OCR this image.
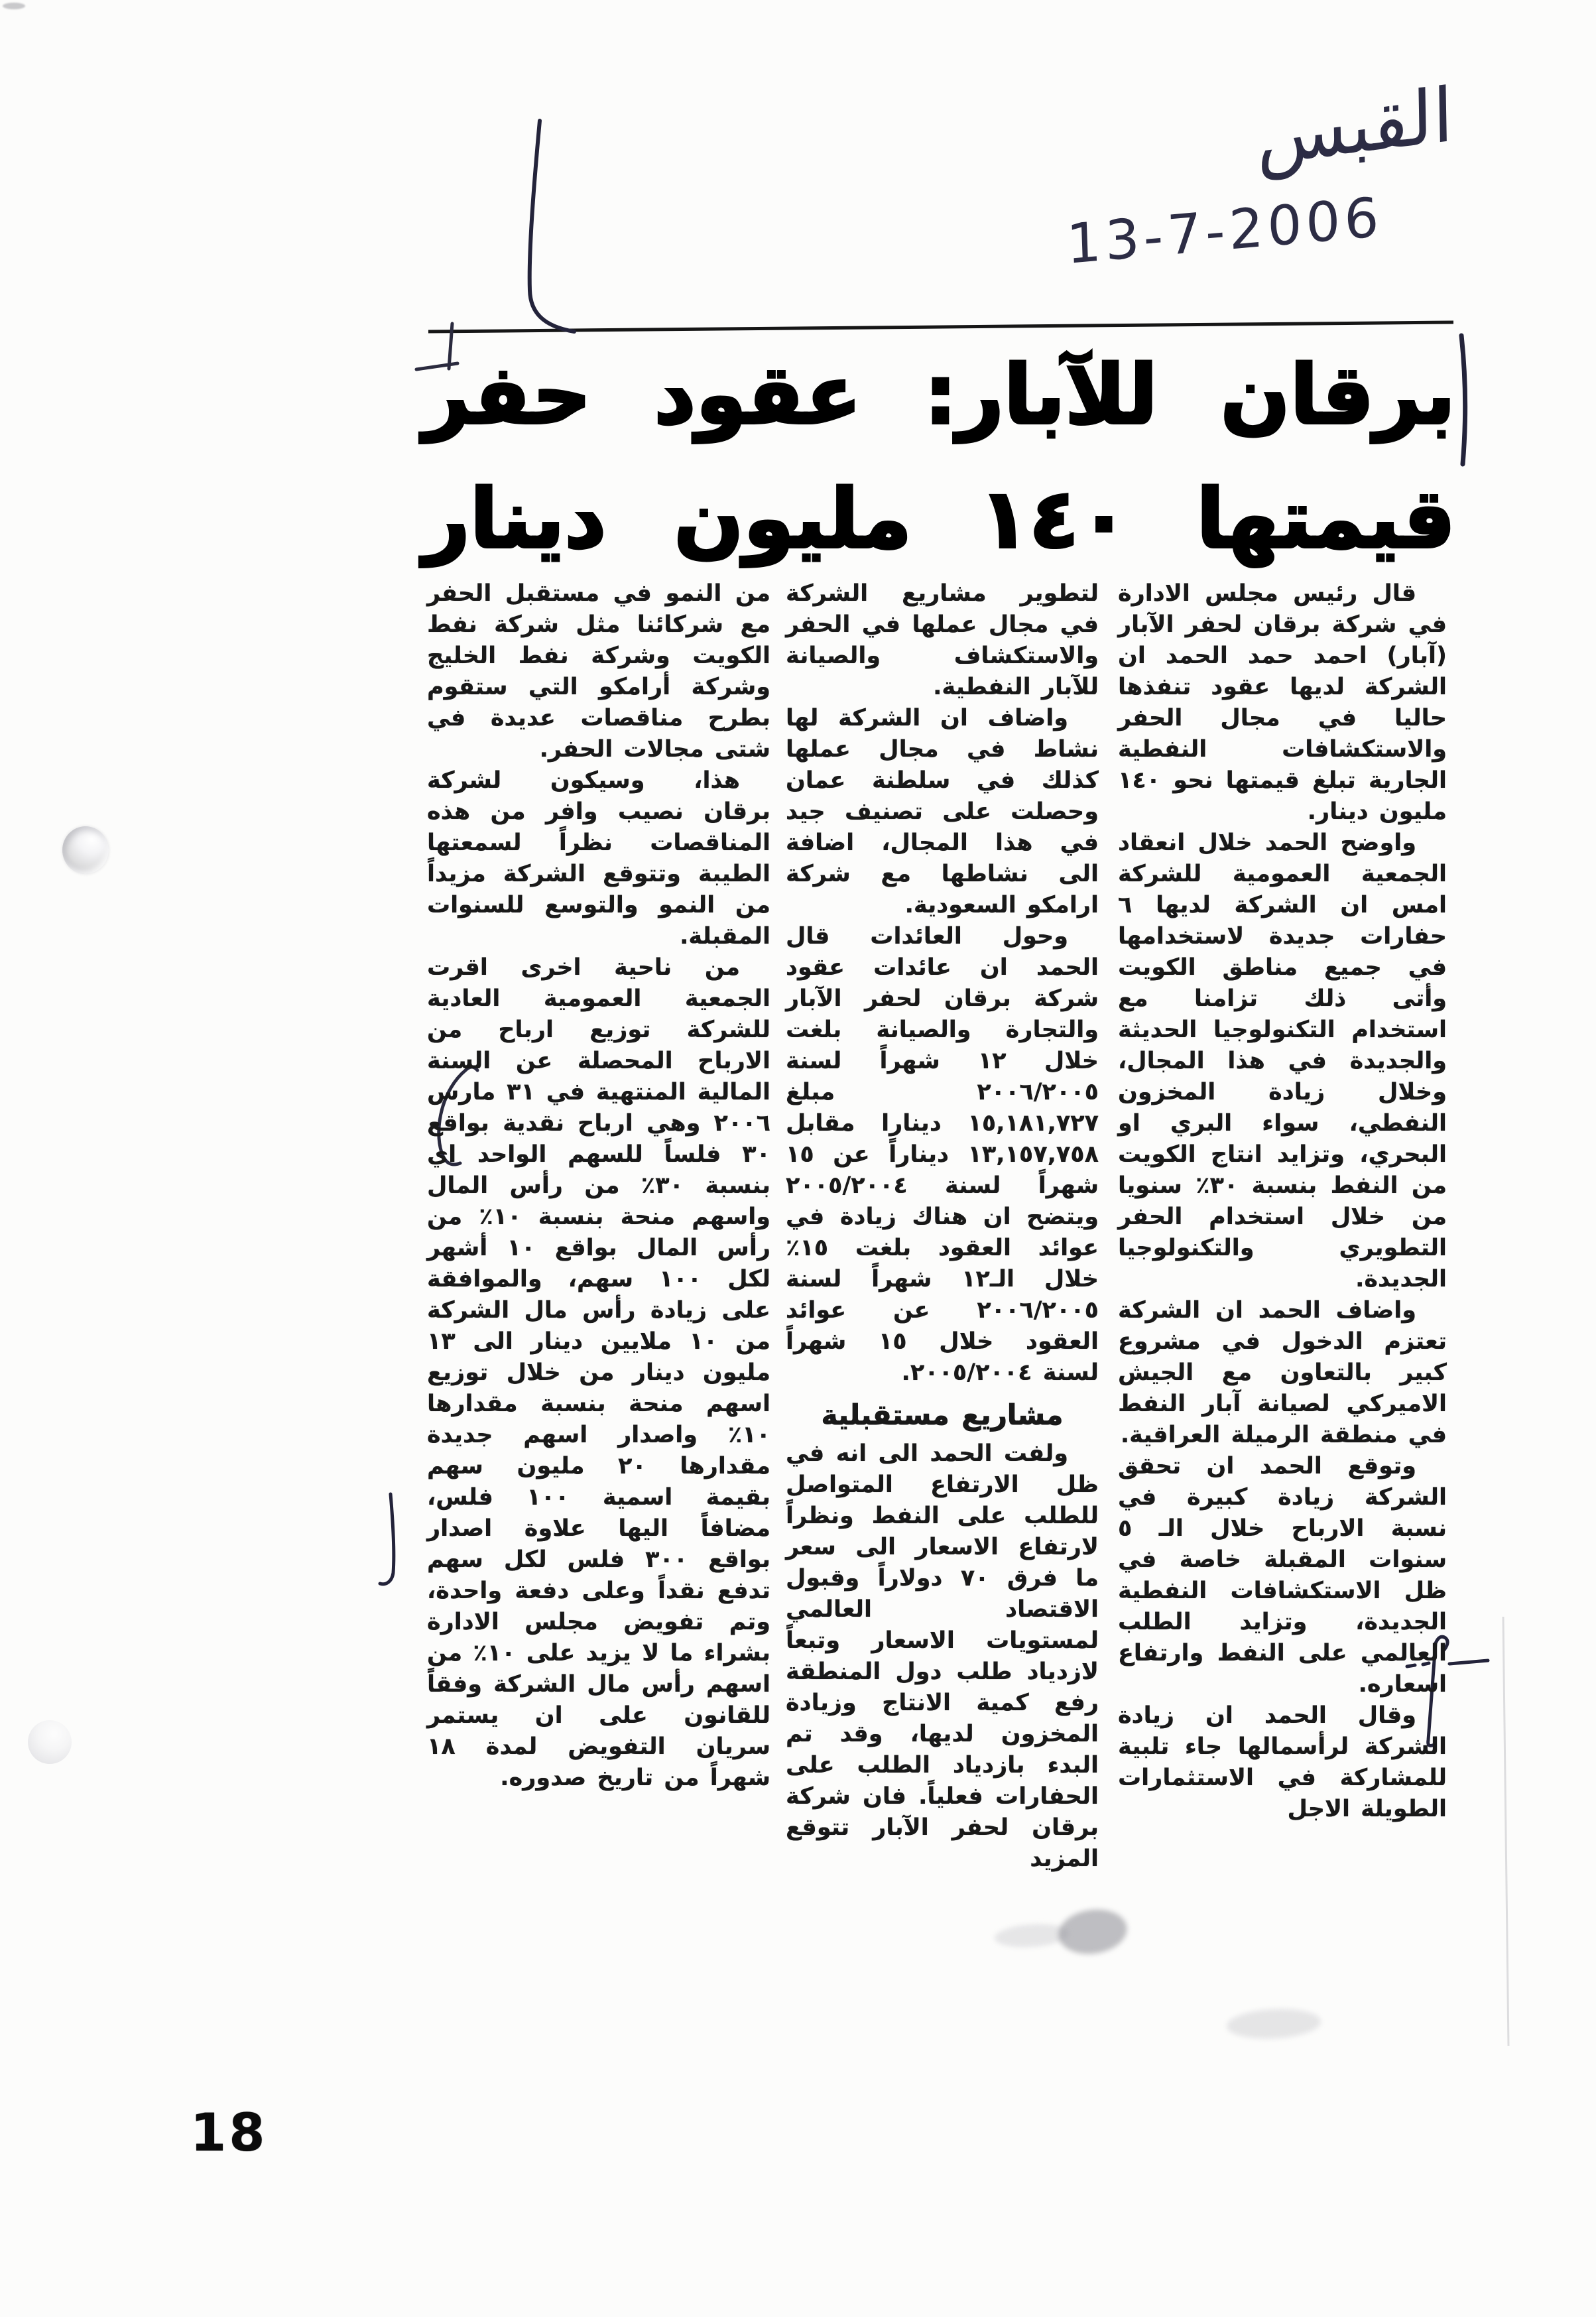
القبس
13-7-2006
برقان للآبار: عقود حفر
قيمتها ١٤٠ مليون دينار

قال رئيس مجلس الادارة في شركة برقان لحفر الآبار (آبار) احمد حمد الحمد ان الشركة لديها عقود تنفذها حاليا في مجال الحفر والاستكشافات النفطية الجارية تبلغ قيمتها نحو ١٤٠ مليون دينار.

واوضح الحمد خلال انعقاد الجمعية العمومية للشركة امس ان الشركة لديها ٦ حفارات جديدة لاستخدامها في جميع مناطق الكويت وأتى ذلك تزامنا مع استخدام التكنولوجيا الحديثة والجديدة في هذا المجال، وخلال زيادة المخزون النفطي، سواء البري او البحري، وتزايد انتاج الكويت من النفط بنسبة ٣٠٪ سنويا من خلال استخدام الحفر التطويري والتكنولوجيا الجديدة.

واضاف الحمد ان الشركة تعتزم الدخول في مشروع كبير بالتعاون مع الجيش الاميركي لصيانة آبار النفط في منطقة الرميلة العراقية.

وتوقع الحمد ان تحقق الشركة زيادة كبيرة في نسبة الارباح خلال الـ ٥ سنوات المقبلة خاصة في ظل الاستكشافات النفطية الجديدة، وتزايد الطلب العالمي على النفط وارتفاع اسعاره.

وقال الحمد ان زيادة الشركة لرأسمالها جاء تلبية للمشاركة في الاستثمارات الطويلة الاجل

لتطوير مشاريع الشركة في مجال عملها في الحفر والاستكشاف والصيانة للآبار النفطية.

واضاف ان الشركة لها نشاط في مجال عملها كذلك في سلطنة عمان وحصلت على تصنيف جيد في هذا المجال، اضافة الى نشاطها مع شركة ارامكو السعودية.

وحول العائدات قال الحمد ان عائدات عقود شركة برقان لحفر الآبار والتجارة والصيانة بلغت خلال ١٢ شهراً لسنة ٢٠٠٦/٢٠٠٥ مبلغ ١٥,١٨١,٧٢٧ دينارا مقابل ١٣,١٥٧,٧٥٨ ديناراً عن ١٥ شهراً لسنة ٢٠٠٥/٢٠٠٤ ويتضح ان هناك زيادة في عوائد العقود بلغت ١٥٪ خلال الـ١٢ شهراً لسنة ٢٠٠٦/٢٠٠٥ عن عوائد العقود خلال ١٥ شهراً لسنة ٢٠٠٥/٢٠٠٤.

مشاريع مستقبلية

ولفت الحمد الى انه في ظل الارتفاع المتواصل للطلب على النفط ونظراً لارتفاع الاسعار الى سعر ما فرق ٧٠ دولاراً وقبول الاقتصاد العالمي لمستويات الاسعار وتبعاً لازدياد طلب دول المنطقة رفع كمية الانتاج وزيادة المخزون لديها، وقد تم البدء بازدياد الطلب على الحفارات فعلياً. فان شركة برقان لحفر الآبار تتوقع المزيد

من النمو في مستقبل الحفر مع شركائنا مثل شركة نفط الكويت وشركة نفط الخليج وشركة أرامكو التي ستقوم بطرح مناقصات عديدة في شتى مجالات الحفر.

هذا، وسيكون لشركة برقان نصيب وافر من هذه المناقصات نظراً لسمعتها الطيبة وتتوقع الشركة مزيداً من النمو والتوسع للسنوات المقبلة.

من ناحية اخرى اقرت الجمعية العمومية العادية للشركة توزيع ارباح من الارباح المحصلة عن السنة المالية المنتهية في ٣١ مارس ٢٠٠٦ وهي ارباح نقدية بواقع ٣٠ فلساً للسهم الواحد اي بنسبة ٣٠٪ من رأس المال واسهم منحة بنسبة ١٠٪ من رأس المال بواقع ١٠ أشهر لكل ١٠٠ سهم، والموافقة على زيادة رأس مال الشركة من ١٠ ملايين دينار الى ١٣ مليون دينار من خلال توزيع اسهم منحة بنسبة مقدارها ١٠٪ واصدار اسهم جديدة مقدارها ٢٠ مليون سهم بقيمة اسمية ١٠٠ فلس، مضافاً اليها علاوة اصدار بواقع ٣٠٠ فلس لكل سهم تدفع نقداً وعلى دفعة واحدة، وتم تفويض مجلس الادارة بشراء ما لا يزيد على ١٠٪ من اسهم رأس مال الشركة وفقاً للقانون على ان يستمر سريان التفويض لمدة ١٨ شهراً من تاريخ صدوره.

18
